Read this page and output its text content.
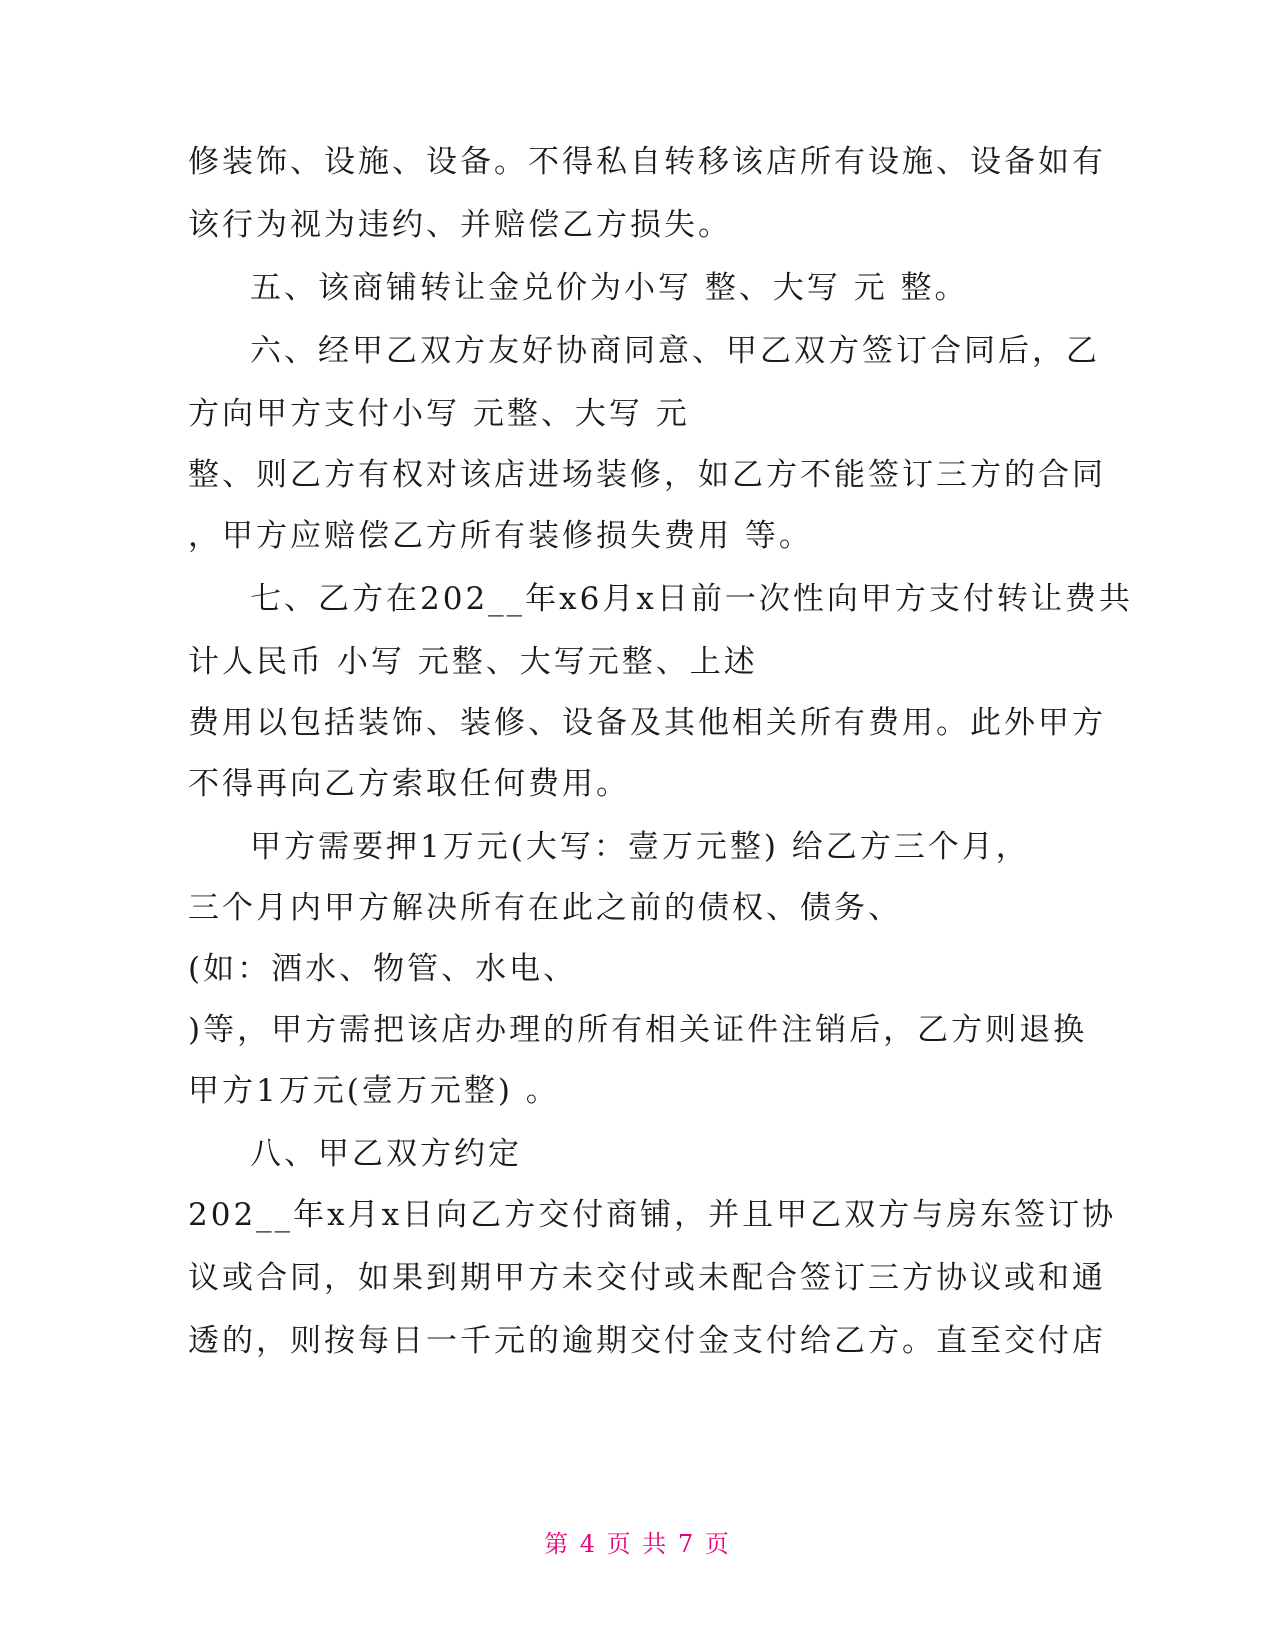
修装饰、设施、设备。不得私自转移该店所有设施、设备如有
该行为视为违约、并赔偿乙方损失。
五、该商铺转让金兑价为小写 整、大写 元 整。
六、经甲乙双方友好协商同意、甲乙双方签订合同后，乙
方向甲方支付小写 元整、大写 元
整、则乙方有权对该店进场装修，如乙方不能签订三方的合同
，甲方应赔偿乙方所有装修损失费用 等。
七、乙方在202__年x6月x日前一次性向甲方支付转让费共
计人民币 小写 元整、大写元整、上述
费用以包括装饰、装修、设备及其他相关所有费用。此外甲方
不得再向乙方索取任何费用。
甲方需要押1万元(大写：壹万元整) 给乙方三个月，
三个月内甲方解决所有在此之前的债权、债务、
(如：酒水、物管、水电、
)等，甲方需把该店办理的所有相关证件注销后，乙方则退换
甲方1万元(壹万元整) 。
八、甲乙双方约定
202__年x月x日向乙方交付商铺，并且甲乙双方与房东签订协
议或合同，如果到期甲方未交付或未配合签订三方协议或和通
透的，则按每日一千元的逾期交付金支付给乙方。直至交付店
第 4 页 共 7 页
